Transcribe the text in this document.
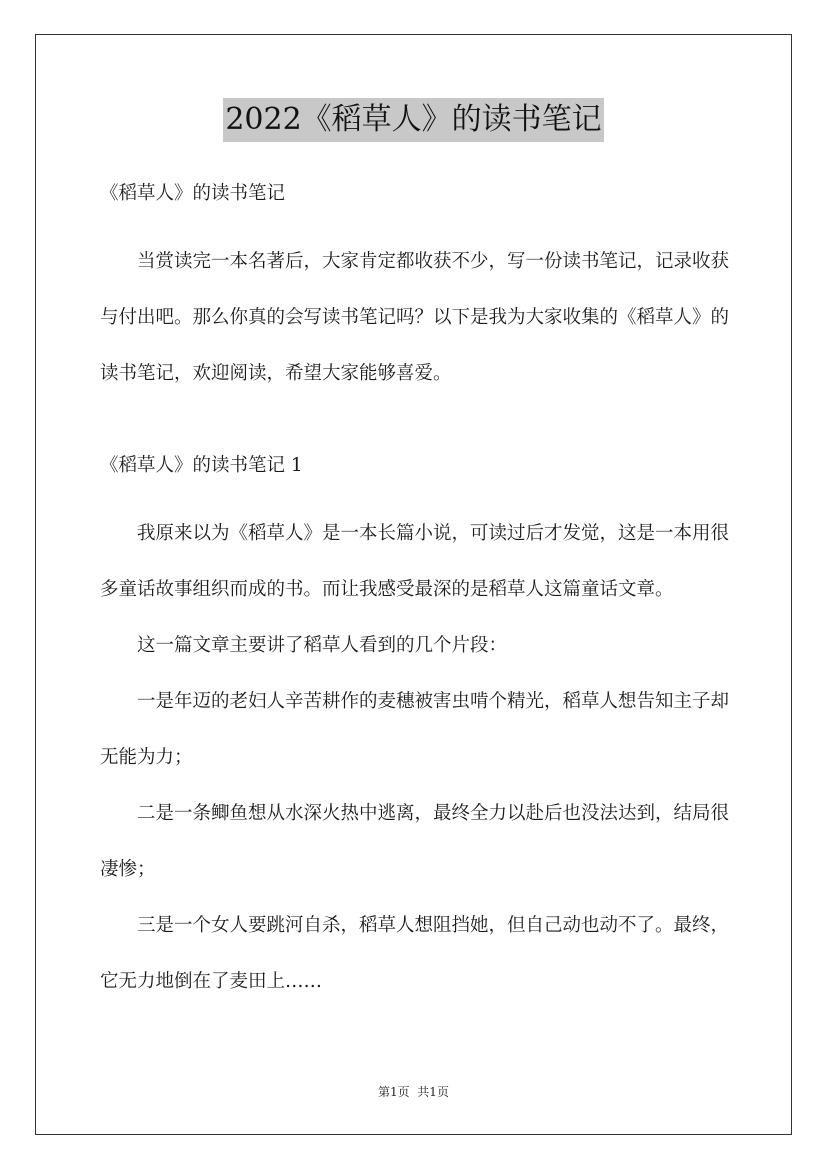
2022《稻草人》的读书笔记

《稻草人》的读书笔记

当赏读完一本名著后，大家肯定都收获不少，写一份读书笔记，记录收获与付出吧。那么你真的会写读书笔记吗？以下是我为大家收集的《稻草人》的读书笔记，欢迎阅读，希望大家能够喜爱。

《稻草人》的读书笔记 1

我原来以为《稻草人》是一本长篇小说，可读过后才发觉，这是一本用很多童话故事组织而成的书。而让我感受最深的是稻草人这篇童话文章。

这一篇文章主要讲了稻草人看到的几个片段：

一是年迈的老妇人辛苦耕作的麦穗被害虫啃个精光，稻草人想告知主子却无能为力；

二是一条鲫鱼想从水深火热中逃离，最终全力以赴后也没法达到，结局很凄惨；

三是一个女人要跳河自杀，稻草人想阻挡她，但自己动也动不了。最终，它无力地倒在了麦田上……

第1页  共1页
